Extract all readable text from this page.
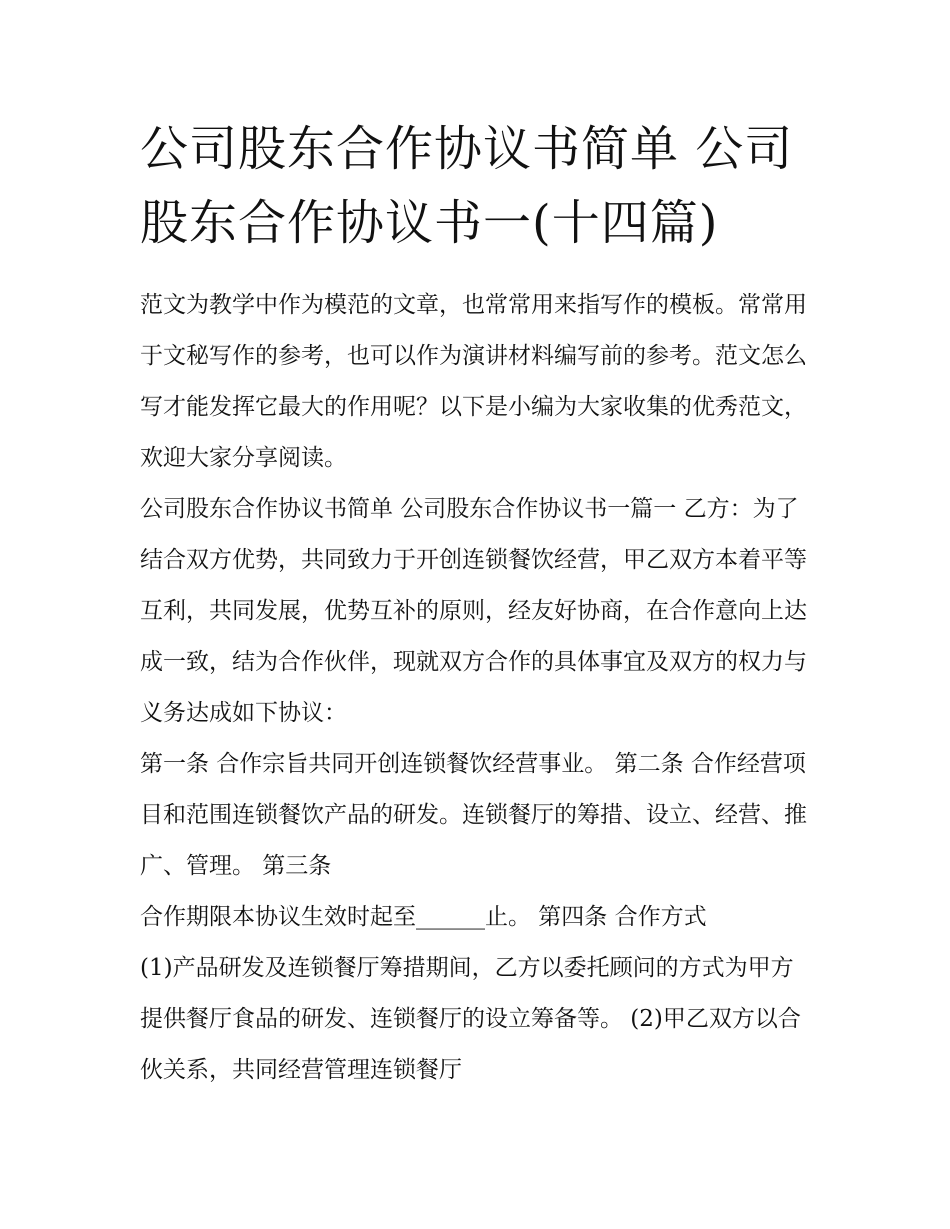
公司股东合作协议书简单 公司股东合作协议书一(十四篇)

范文为教学中作为模范的文章，也常常用来指写作的模板。常常用于文秘写作的参考，也可以作为演讲材料编写前的参考。范文怎么写才能发挥它最大的作用呢？以下是小编为大家收集的优秀范文，欢迎大家分享阅读。

公司股东合作协议书简单 公司股东合作协议书一篇一 乙方：为了结合双方优势，共同致力于开创连锁餐饮经营，甲乙双方本着平等互利，共同发展，优势互补的原则，经友好协商，在合作意向上达成一致，结为合作伙伴，现就双方合作的具体事宜及双方的权力与义务达成如下协议：

第一条 合作宗旨共同开创连锁餐饮经营事业。 第二条 合作经营项目和范围连锁餐饮产品的研发。连锁餐厅的筹措、设立、经营、推广、管理。 第三条

合作期限本协议生效时起至______止。 第四条 合作方式

(1)产品研发及连锁餐厅筹措期间，乙方以委托顾问的方式为甲方提供餐厅食品的研发、连锁餐厅的设立筹备等。 (2)甲乙双方以合伙关系，共同经营管理连锁餐厅
